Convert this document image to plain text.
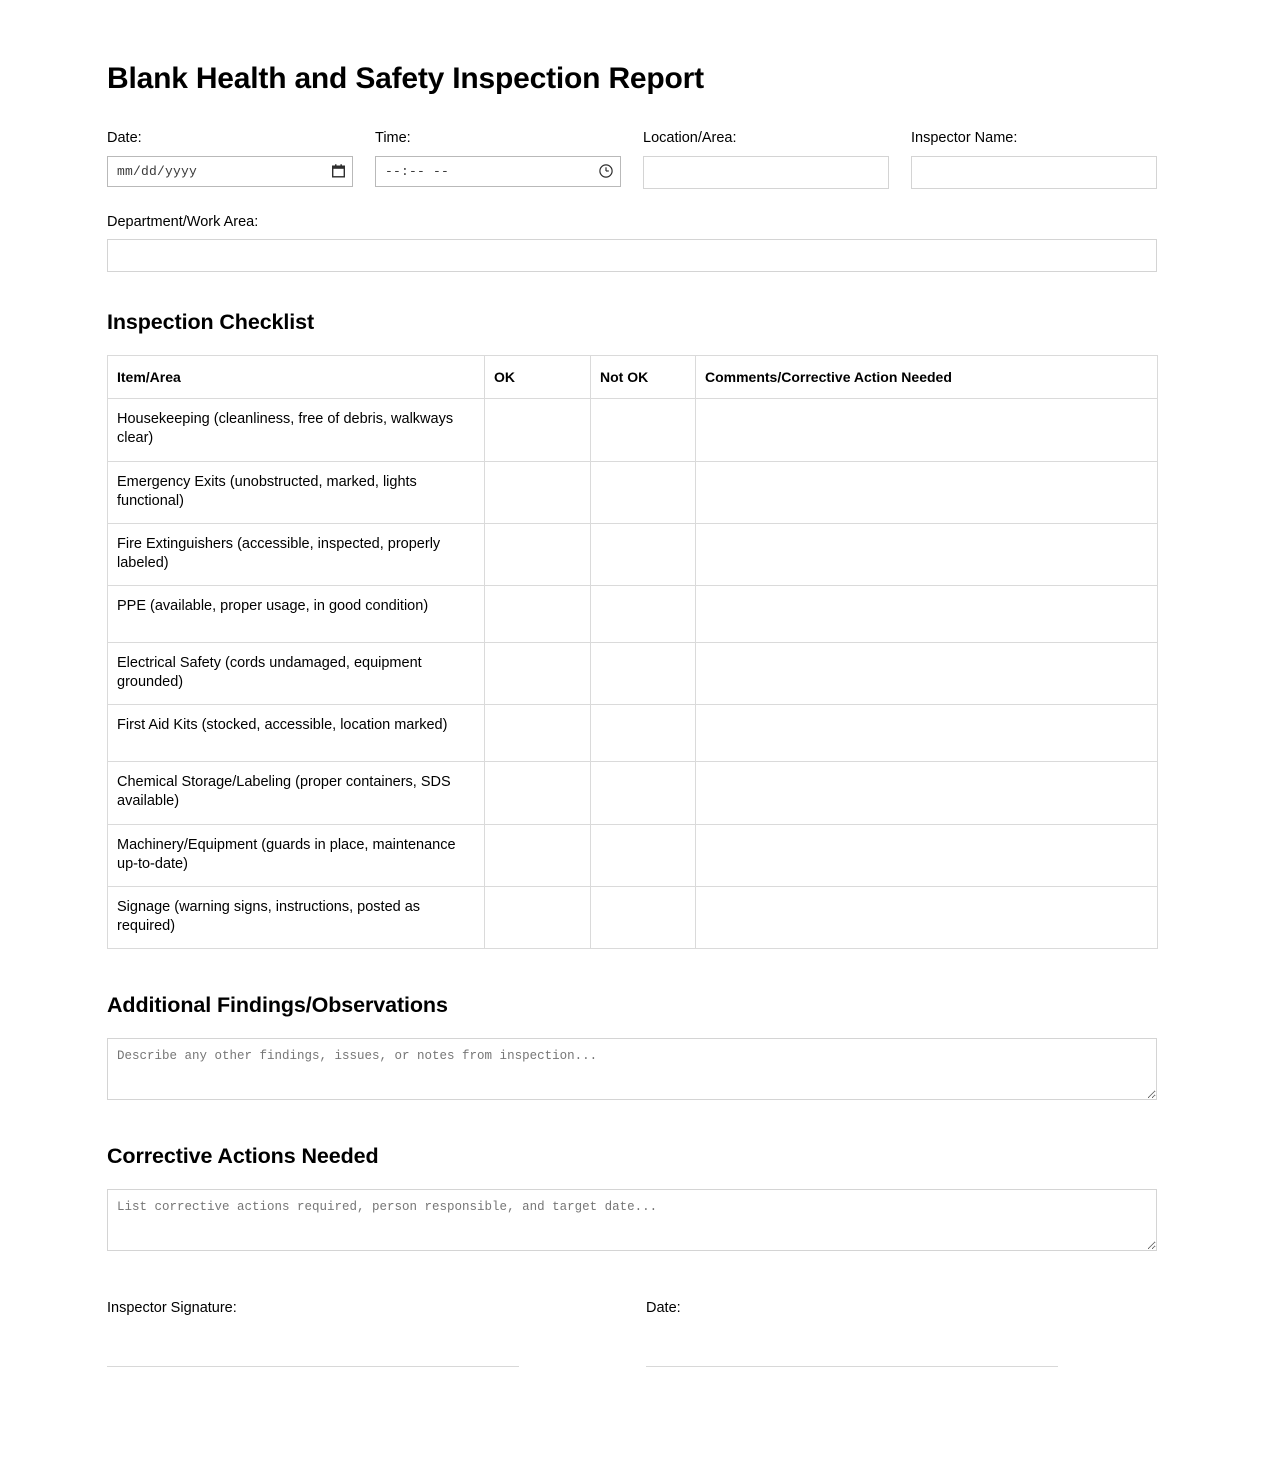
Blank Health and Safety Inspection Report
Date:
mm/dd/yyyy
Time:
--:-- --
Location/Area:	Inspector Name:
Department/Work Area:
Inspection Checklist
Item/Area	OK	Not OK	Comments/Corrective Action Needed
Housekeeping (cleanliness, free of debris, walkways clear)			
Emergency Exits (unobstructed, marked, lights functional)			
Fire Extinguishers (accessible, inspected, properly labeled)			
PPE (available, proper usage, in good condition)			
Electrical Safety (cords undamaged, equipment grounded)			
First Aid Kits (stocked, accessible, location marked)			
Chemical Storage/Labeling (proper containers, SDS available)			
Machinery/Equipment (guards in place, maintenance up-to-date)			
Signage (warning signs, instructions, posted as required)			
Additional Findings/Observations
Describe any other findings, issues, or notes from inspection...
Corrective Actions Needed
List corrective actions required, person responsible, and target date...
Inspector Signature:	Date:
